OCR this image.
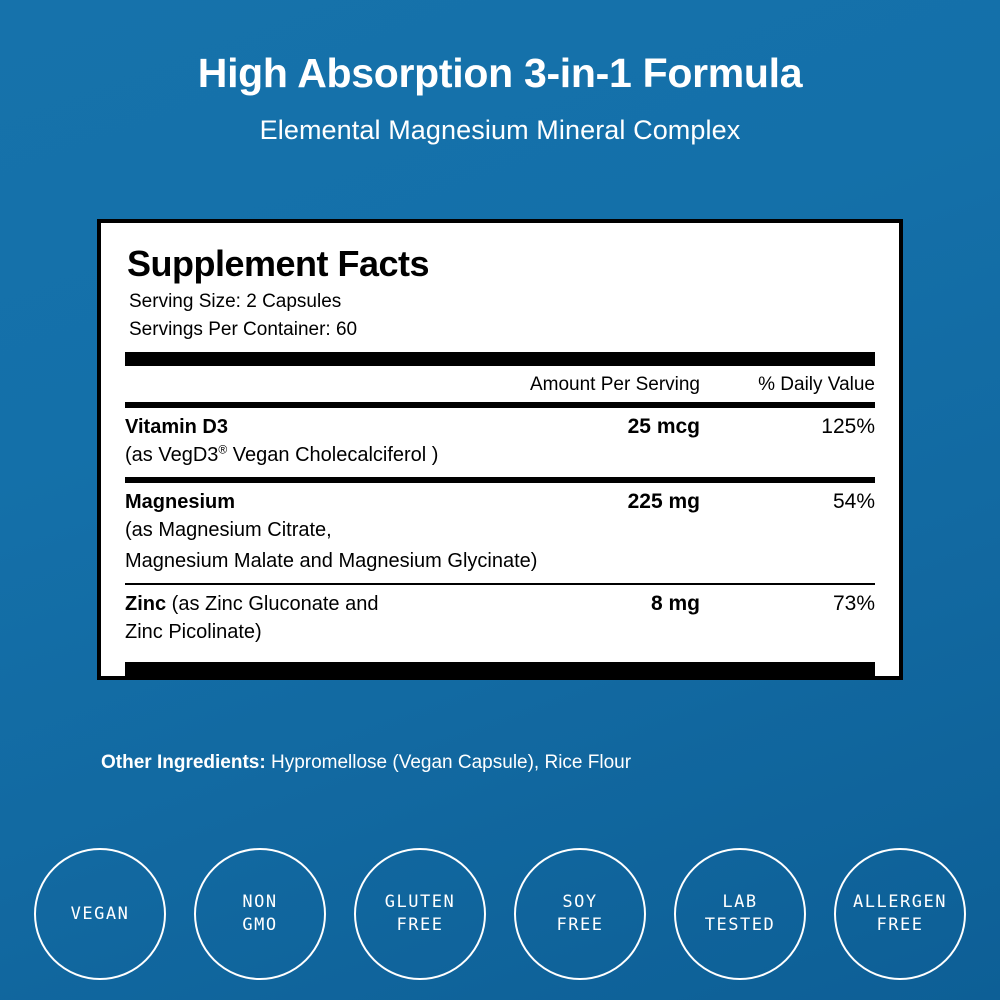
High Absorption 3-in-1 Formula
Elemental Magnesium Mineral Complex
Supplement Facts
Serving Size: 2 Capsules
Servings Per Container: 60
Amount Per Serving	% Daily Value
Vitamin D3	25 mcg	125%
(as VegD3® Vegan Cholecalciferol )
Magnesium	225 mg	54%
(as Magnesium Citrate,
Magnesium Malate and Magnesium Glycinate)
Zinc (as Zinc Gluconate and	8 mg	73%
Zinc Picolinate)
Other Ingredients: Hypromellose (Vegan Capsule), Rice Flour
VEGAN
NON
GMO
GLUTEN
FREE
SOY
FREE
LAB
TESTED
ALLERGEN
FREE
